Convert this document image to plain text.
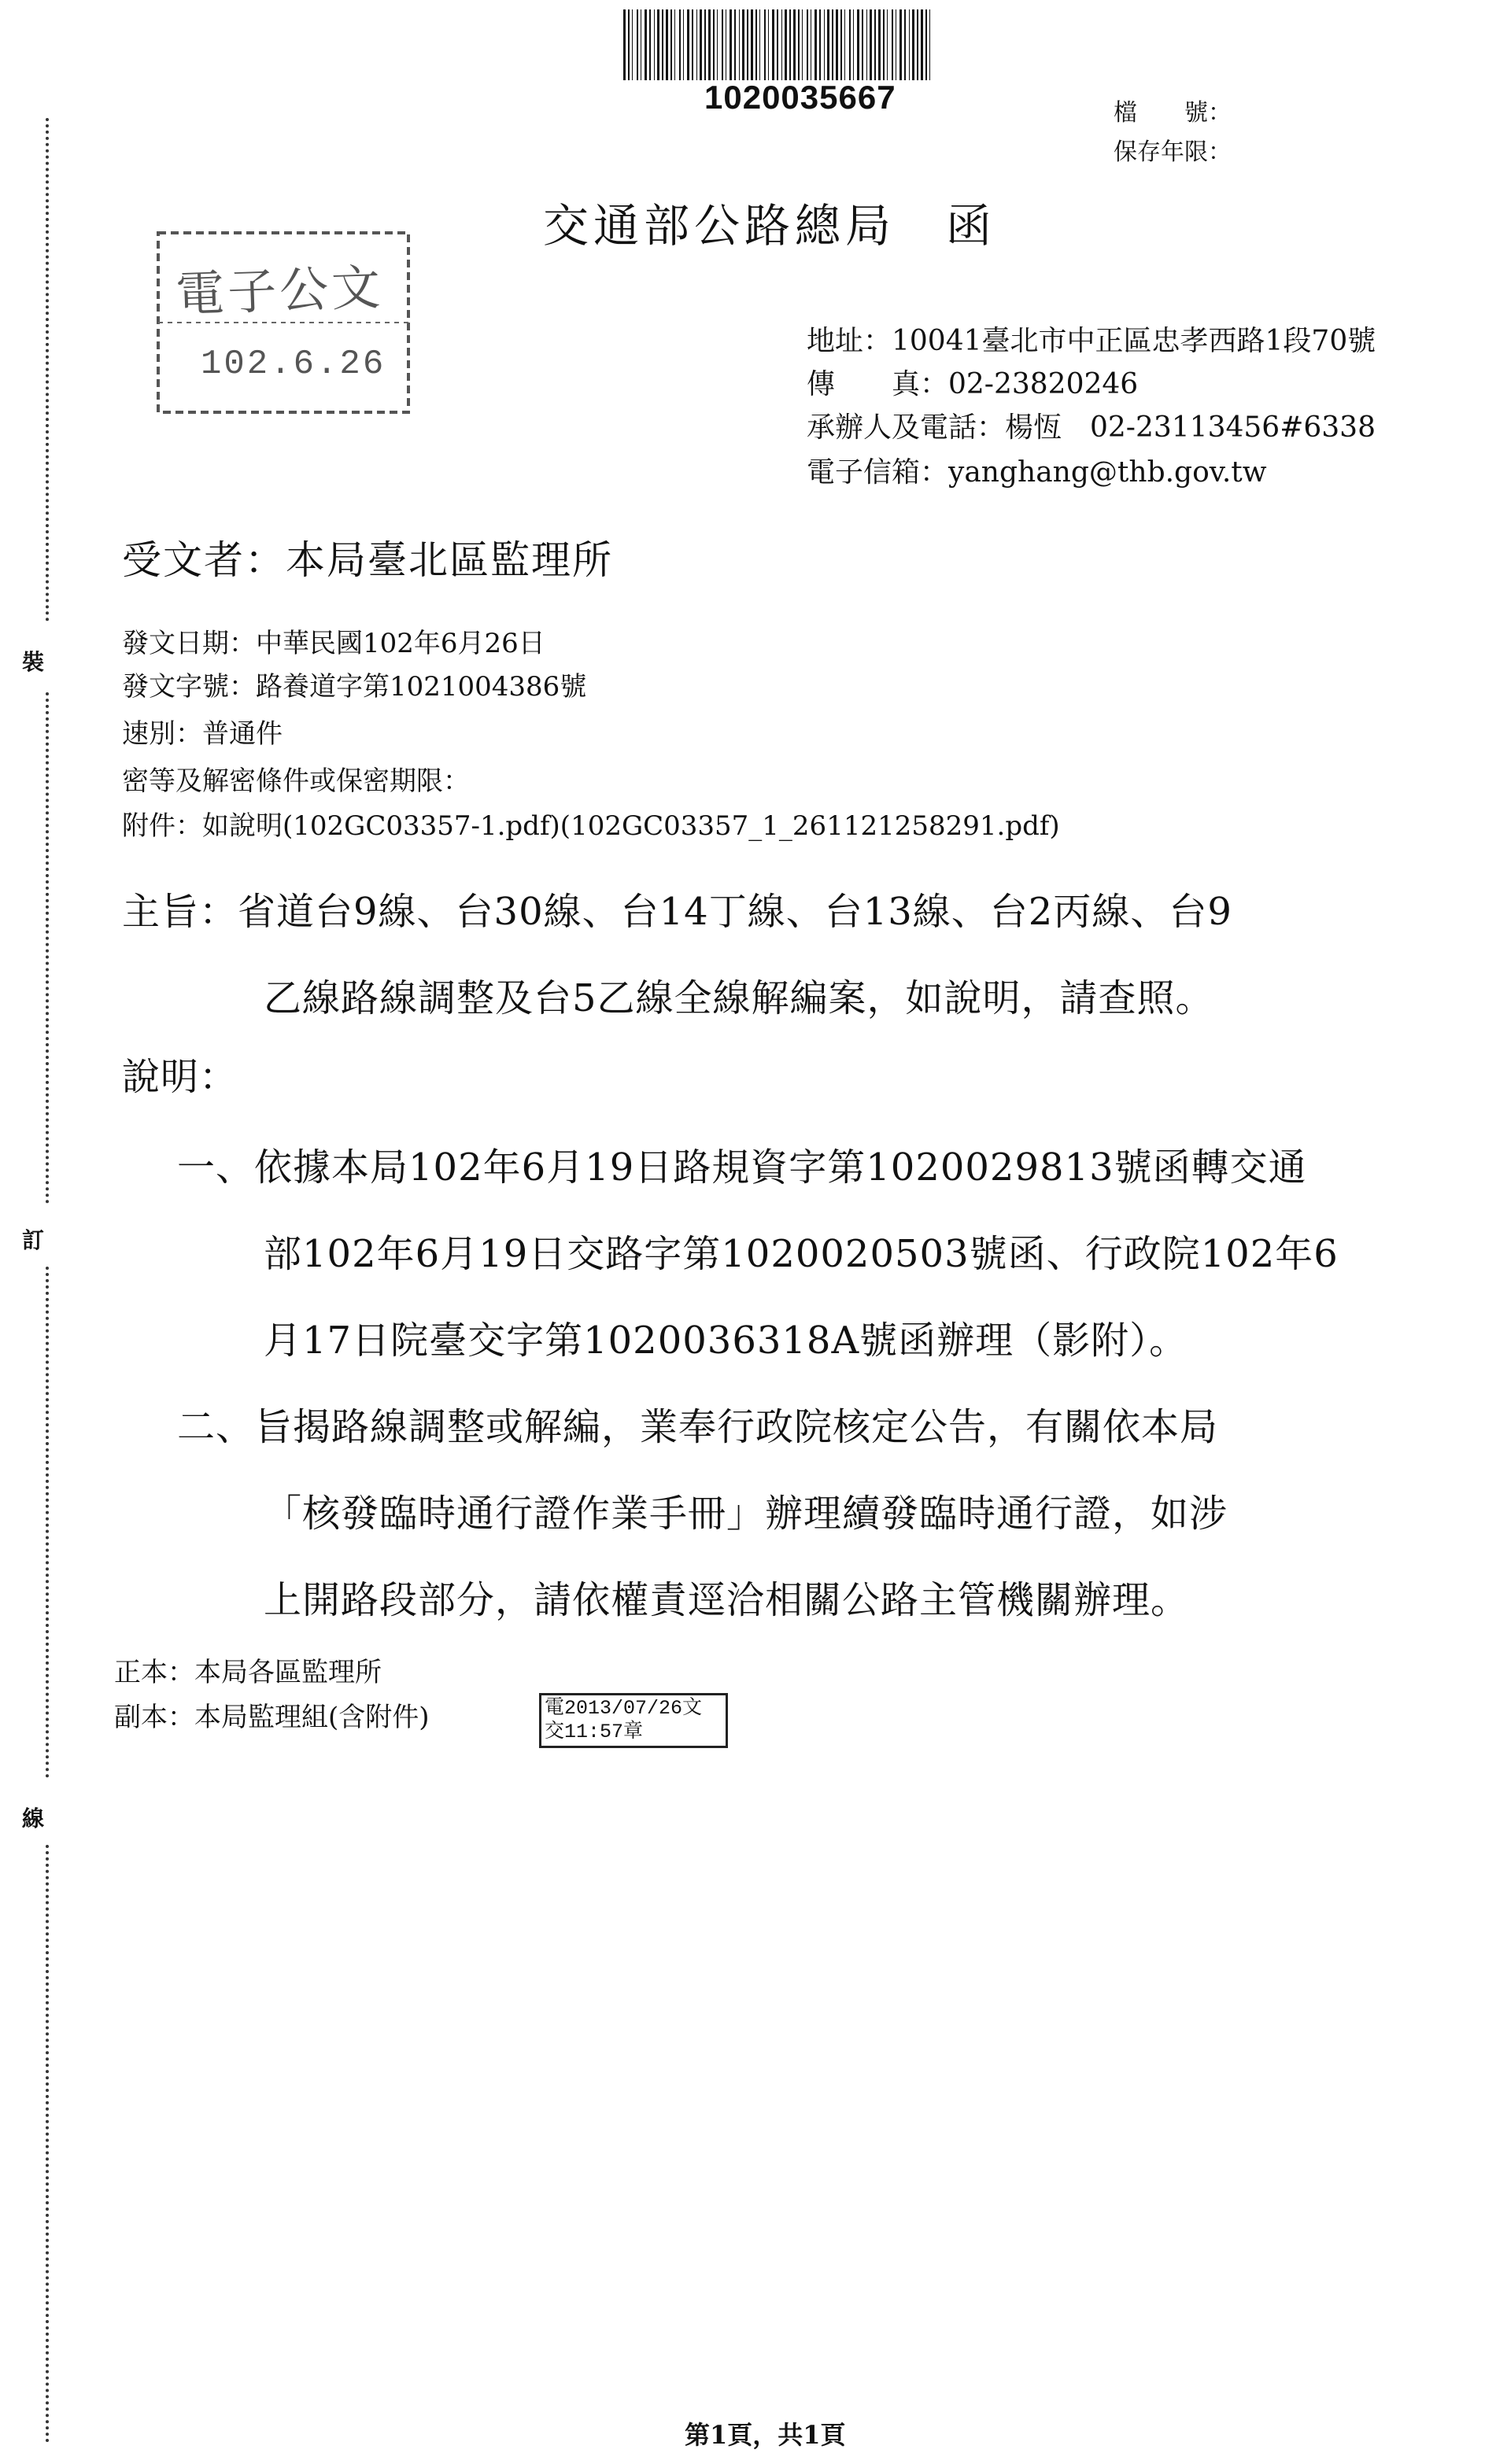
裝
訂
線
1020035667	檔　　號：
保存年限：
交通部公路總局　函
電子公文
102.6.26
地址：10041臺北市中正區忠孝西路1段70號
傳　　真：02-23820246
承辦人及電話：楊恆　02-23113456#6338
電子信箱：yanghang@thb.gov.tw
受文者：本局臺北區監理所
發文日期：中華民國102年6月26日
發文字號：路養道字第1021004386號
速別：普通件
密等及解密條件或保密期限：
附件：如說明(102GC03357-1.pdf)(102GC03357_1_261121258291.pdf)
主旨：省道台9線、台30線、台14丁線、台13線、台2丙線、台9
乙線路線調整及台5乙線全線解編案，如說明，請查照。
說明：
一、依據本局102年6月19日路規資字第1020029813號函轉交通
部102年6月19日交路字第1020020503號函、行政院102年6
月17日院臺交字第1020036318A號函辦理（影附）。
二、旨揭路線調整或解編，業奉行政院核定公告，有關依本局
「核發臨時通行證作業手冊」辦理續發臨時通行證，如涉
上開路段部分，請依權責逕洽相關公路主管機關辦理。
正本：本局各區監理所
副本：本局監理組(含附件)	電2013/07/26文
交11:57章
第1頁，共1頁
